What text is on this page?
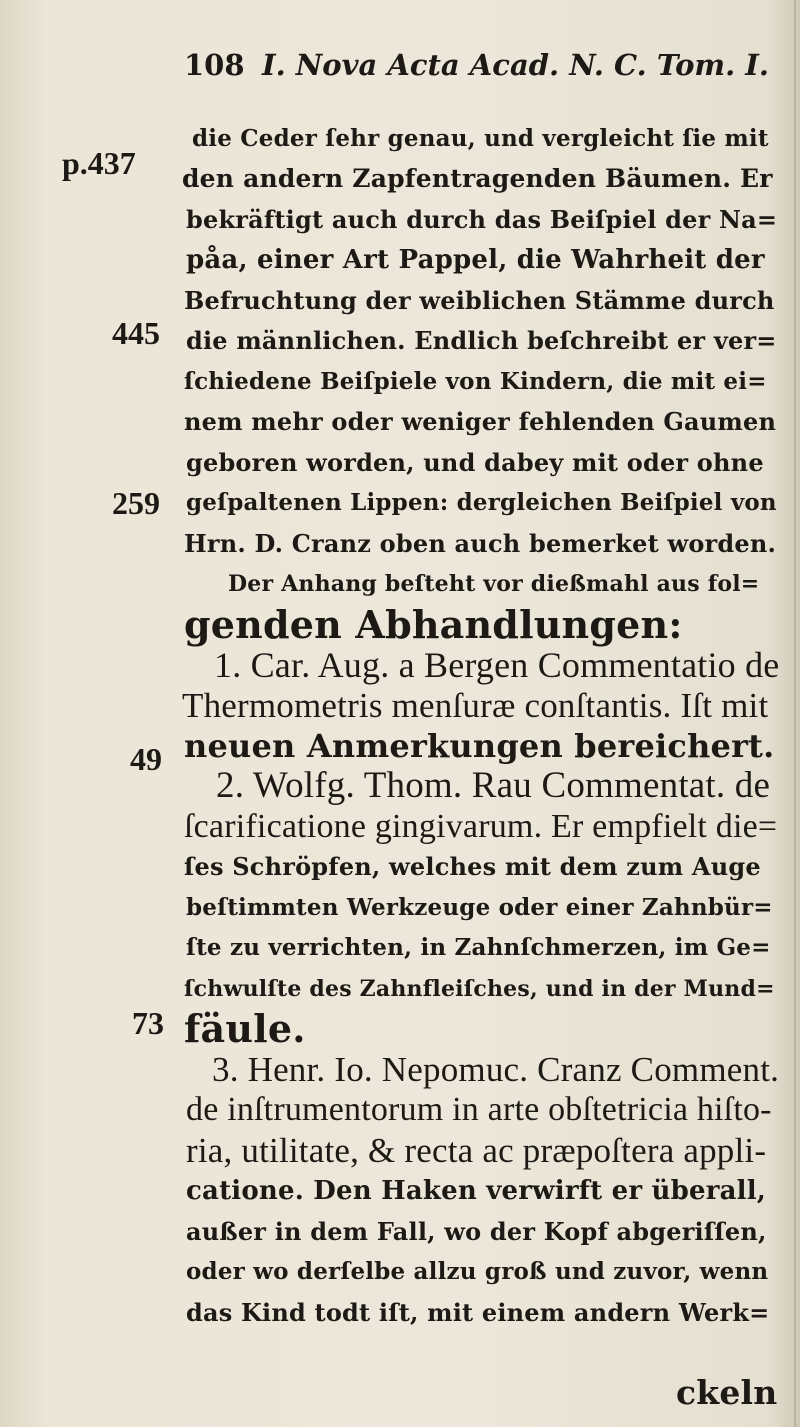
108 I. Nova Acta Acad. N. C. Tom. I.
p.437
445
259
49
73
die Ceder ſehr genau, und vergleicht ſie mit
den andern Zapfentragenden Bäumen. Er
bekräftigt auch durch das Beiſpiel der Na=
påa, einer Art Pappel, die Wahrheit der
Befruchtung der weiblichen Stämme durch
die männlichen. Endlich beſchreibt er ver=
ſchiedene Beiſpiele von Kindern, die mit ei=
nem mehr oder weniger fehlenden Gaumen
geboren worden, und dabey mit oder ohne
geſpaltenen Lippen: dergleichen Beiſpiel von
Hrn. D. Cranz oben auch bemerket worden.
Der Anhang beſteht vor dießmahl aus fol=
genden Abhandlungen:
1. Car. Aug. a Bergen Commentatio de
Thermometris menſuræ conſtantis. Iſt mit
neuen Anmerkungen bereichert.
2. Wolfg. Thom. Rau Commentat. de
ſcarificatione gingivarum. Er empfielt die=
ſes Schröpfen, welches mit dem zum Auge
beſtimmten Werkzeuge oder einer Zahnbür=
ſte zu verrichten, in Zahnſchmerzen, im Ge=
ſchwulſte des Zahnfleiſches, und in der Mund=
fäule.
3. Henr. Io. Nepomuc. Cranz Comment.
de inſtrumentorum in arte obſtetricia hiſto-
ria, utilitate, & recta ac præpoſtera appli-
catione. Den Haken verwirft er überall,
außer in dem Fall, wo der Kopf abgeriſſen,
oder wo derſelbe allzu groß und zuvor, wenn
das Kind todt iſt, mit einem andern Werk=
ckeln
